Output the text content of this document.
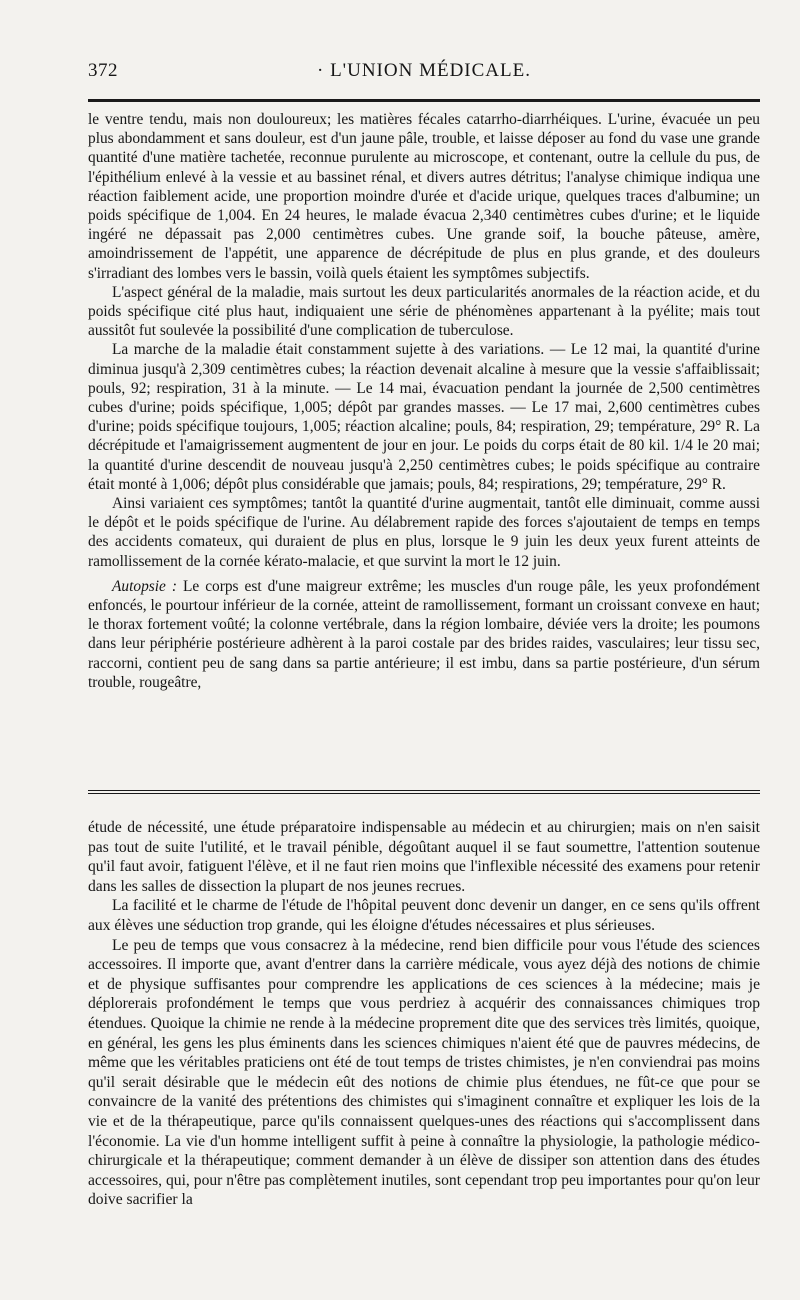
372	· L'UNION MÉDICALE.

le ventre tendu, mais non douloureux; les matières fécales catarrho-diarrhéiques. L'urine, évacuée un peu plus abondamment et sans douleur, est d'un jaune pâle, trouble, et laisse déposer au fond du vase une grande quantité d'une matière tachetée, reconnue purulente au microscope, et contenant, outre la cellule du pus, de l'épithélium enlevé à la vessie et au bassinet rénal, et divers autres détritus; l'analyse chimique indiqua une réaction faiblement acide, une proportion moindre d'urée et d'acide urique, quelques traces d'albumine; un poids spécifique de 1,004. En 24 heures, le malade évacua 2,340 centimètres cubes d'urine; et le liquide ingéré ne dépassait pas 2,000 centimètres cubes. Une grande soif, la bouche pâteuse, amère, amoindrissement de l'appétit, une apparence de décrépitude de plus en plus grande, et des douleurs s'irradiant des lombes vers le bassin, voilà quels étaient les symptômes subjectifs.

L'aspect général de la maladie, mais surtout les deux particularités anormales de la réaction acide, et du poids spécifique cité plus haut, indiquaient une série de phénomènes appartenant à la pyélite; mais tout aussitôt fut soulevée la possibilité d'une complication de tuberculose.

La marche de la maladie était constamment sujette à des variations. — Le 12 mai, la quantité d'urine diminua jusqu'à 2,309 centimètres cubes; la réaction devenait alcaline à mesure que la vessie s'affaiblissait; pouls, 92; respiration, 31 à la minute. — Le 14 mai, évacuation pendant la journée de 2,500 centimètres cubes d'urine; poids spécifique, 1,005; dépôt par grandes masses. — Le 17 mai, 2,600 centimètres cubes d'urine; poids spécifique toujours, 1,005; réaction alcaline; pouls, 84; respiration, 29; température, 29° R. La décrépitude et l'amaigrissement augmentent de jour en jour. Le poids du corps était de 80 kil. 1/4 le 20 mai; la quantité d'urine descendit de nouveau jusqu'à 2,250 centimètres cubes; le poids spécifique au contraire était monté à 1,006; dépôt plus considérable que jamais; pouls, 84; respirations, 29; température, 29° R.

Ainsi variaient ces symptômes; tantôt la quantité d'urine augmentait, tantôt elle diminuait, comme aussi le dépôt et le poids spécifique de l'urine. Au délabrement rapide des forces s'ajoutaient de temps en temps des accidents comateux, qui duraient de plus en plus, lorsque le 9 juin les deux yeux furent atteints de ramollissement de la cornée kérato-malacie, et que survint la mort le 12 juin.

Autopsie : Le corps est d'une maigreur extrême; les muscles d'un rouge pâle, les yeux profondément enfoncés, le pourtour inférieur de la cornée, atteint de ramollissement, formant un croissant convexe en haut; le thorax fortement voûté; la colonne vertébrale, dans la région lombaire, déviée vers la droite; les poumons dans leur périphérie postérieure adhèrent à la paroi costale par des brides raides, vasculaires; leur tissu sec, raccorni, contient peu de sang dans sa partie antérieure; il est imbu, dans sa partie postérieure, d'un sérum trouble, rougeâtre,

étude de nécessité, une étude préparatoire indispensable au médecin et au chirurgien; mais on n'en saisit pas tout de suite l'utilité, et le travail pénible, dégoûtant auquel il se faut soumettre, l'attention soutenue qu'il faut avoir, fatiguent l'élève, et il ne faut rien moins que l'inflexible nécessité des examens pour retenir dans les salles de dissection la plupart de nos jeunes recrues.

La facilité et le charme de l'étude de l'hôpital peuvent donc devenir un danger, en ce sens qu'ils offrent aux élèves une séduction trop grande, qui les éloigne d'études nécessaires et plus sérieuses.

Le peu de temps que vous consacrez à la médecine, rend bien difficile pour vous l'étude des sciences accessoires. Il importe que, avant d'entrer dans la carrière médicale, vous ayez déjà des notions de chimie et de physique suffisantes pour comprendre les applications de ces sciences à la médecine; mais je déplorerais profondément le temps que vous perdriez à acquérir des connaissances chimiques trop étendues. Quoique la chimie ne rende à la médecine proprement dite que des services très limités, quoique, en général, les gens les plus éminents dans les sciences chimiques n'aient été que de pauvres médecins, de même que les véritables praticiens ont été de tout temps de tristes chimistes, je n'en conviendrai pas moins qu'il serait désirable que le médecin eût des notions de chimie plus étendues, ne fût-ce que pour se convaincre de la vanité des prétentions des chimistes qui s'imaginent connaître et expliquer les lois de la vie et de la thérapeutique, parce qu'ils connaissent quelques-unes des réactions qui s'accomplissent dans l'économie. La vie d'un homme intelligent suffit à peine à connaître la physiologie, la pathologie médico-chirurgicale et la thérapeutique; comment demander à un élève de dissiper son attention dans des études accessoires, qui, pour n'être pas complètement inutiles, sont cependant trop peu importantes pour qu'on leur doive sacrifier la
